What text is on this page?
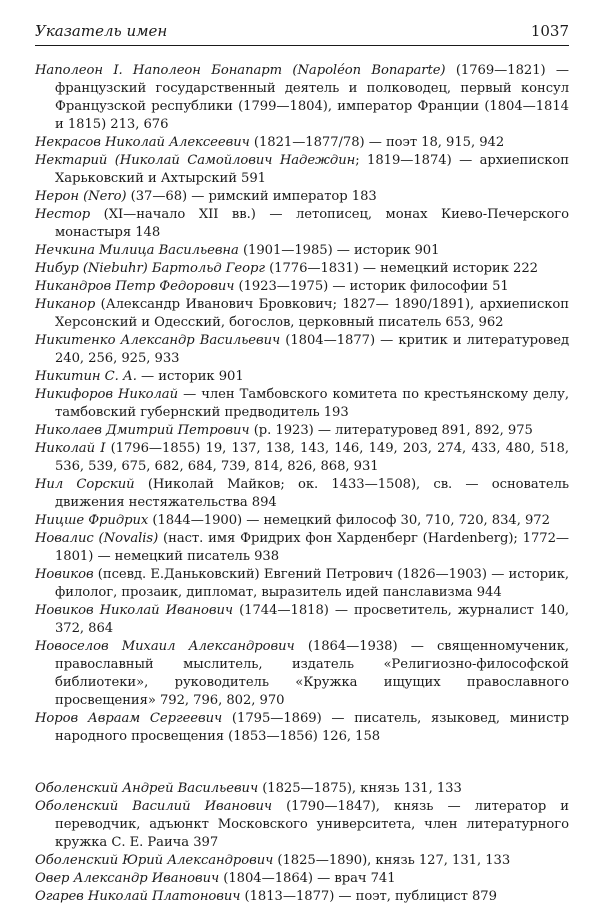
Указатель имен	1037

Наполеон I. Наполеон Бонапарт (Napoléon Bonaparte) (1769—1821) — французский государственный деятель и полководец, первый консул Французской республики (1799—1804), император Франции (1804—1814 и 1815) 213, 676

Некрасов Николай Алексеевич (1821—1877/78) — поэт 18, 915, 942

Нектарий (Николай Самойлович Надеждин; 1819—1874) — архиепископ Харьковский и Ахтырский 591

Нерон (Nero) (37—68) — римский император 183

Нестор (XI—начало XII вв.) — летописец, монах Киево-Печерского монастыря 148

Нечкина Милица Васильевна (1901—1985) — историк 901

Нибур (Niebuhr) Бартольд Георг (1776—1831) — немецкий историк 222

Никандров Петр Федорович (1923—1975) — историк философии 51

Никанор (Александр Иванович Бровкович; 1827— 1890/1891), архиепископ Херсонский и Одесский, богослов, церковный писатель 653, 962

Никитенко Александр Васильевич (1804—1877) — критик и литературовед 240, 256, 925, 933

Никитин С. А. — историк 901

Никифоров Николай — член Тамбовского комитета по крестьянскому делу, тамбовский губернский предводитель 193

Николаев Дмитрий Петрович (р. 1923) — литературовед 891, 892, 975

Николай I (1796—1855) 19, 137, 138, 143, 146, 149, 203, 274, 433, 480, 518, 536, 539, 675, 682, 684, 739, 814, 826, 868, 931

Нил Сорский (Николай Майков; ок. 1433—1508), св. — основатель движения нестяжательства 894

Ницше Фридрих (1844—1900) — немецкий философ 30, 710, 720, 834, 972

Новалис (Novalis) (наст. имя Фридрих фон Харденберг (Hardenberg); 1772—1801) — немецкий писатель 938

Новиков (псевд. Е.Даньковский) Евгений Петрович (1826—1903) — историк, филолог, прозаик, дипломат, выразитель идей панславизма 944

Новиков Николай Иванович (1744—1818) — просветитель, журналист 140, 372, 864

Новоселов Михаил Александрович (1864—1938) — священномученик, православный мыслитель, издатель «Религиозно-философской библиотеки», руководитель «Кружка ищущих православного просвещения» 792, 796, 802, 970

Норов Авраам Сергеевич (1795—1869) — писатель, языковед, министр народного просвещения (1853—1856) 126, 158

Оболенский Андрей Васильевич (1825—1875), князь 131, 133

Оболенский Василий Иванович (1790—1847), князь — литератор и переводчик, адъюнкт Московского университета, член литературного кружка С. Е. Раича 397

Оболенский Юрий Александрович (1825—1890), князь 127, 131, 133

Овер Александр Иванович (1804—1864) — врач 741

Огарев Николай Платонович (1813—1877) — поэт, публицист 879
